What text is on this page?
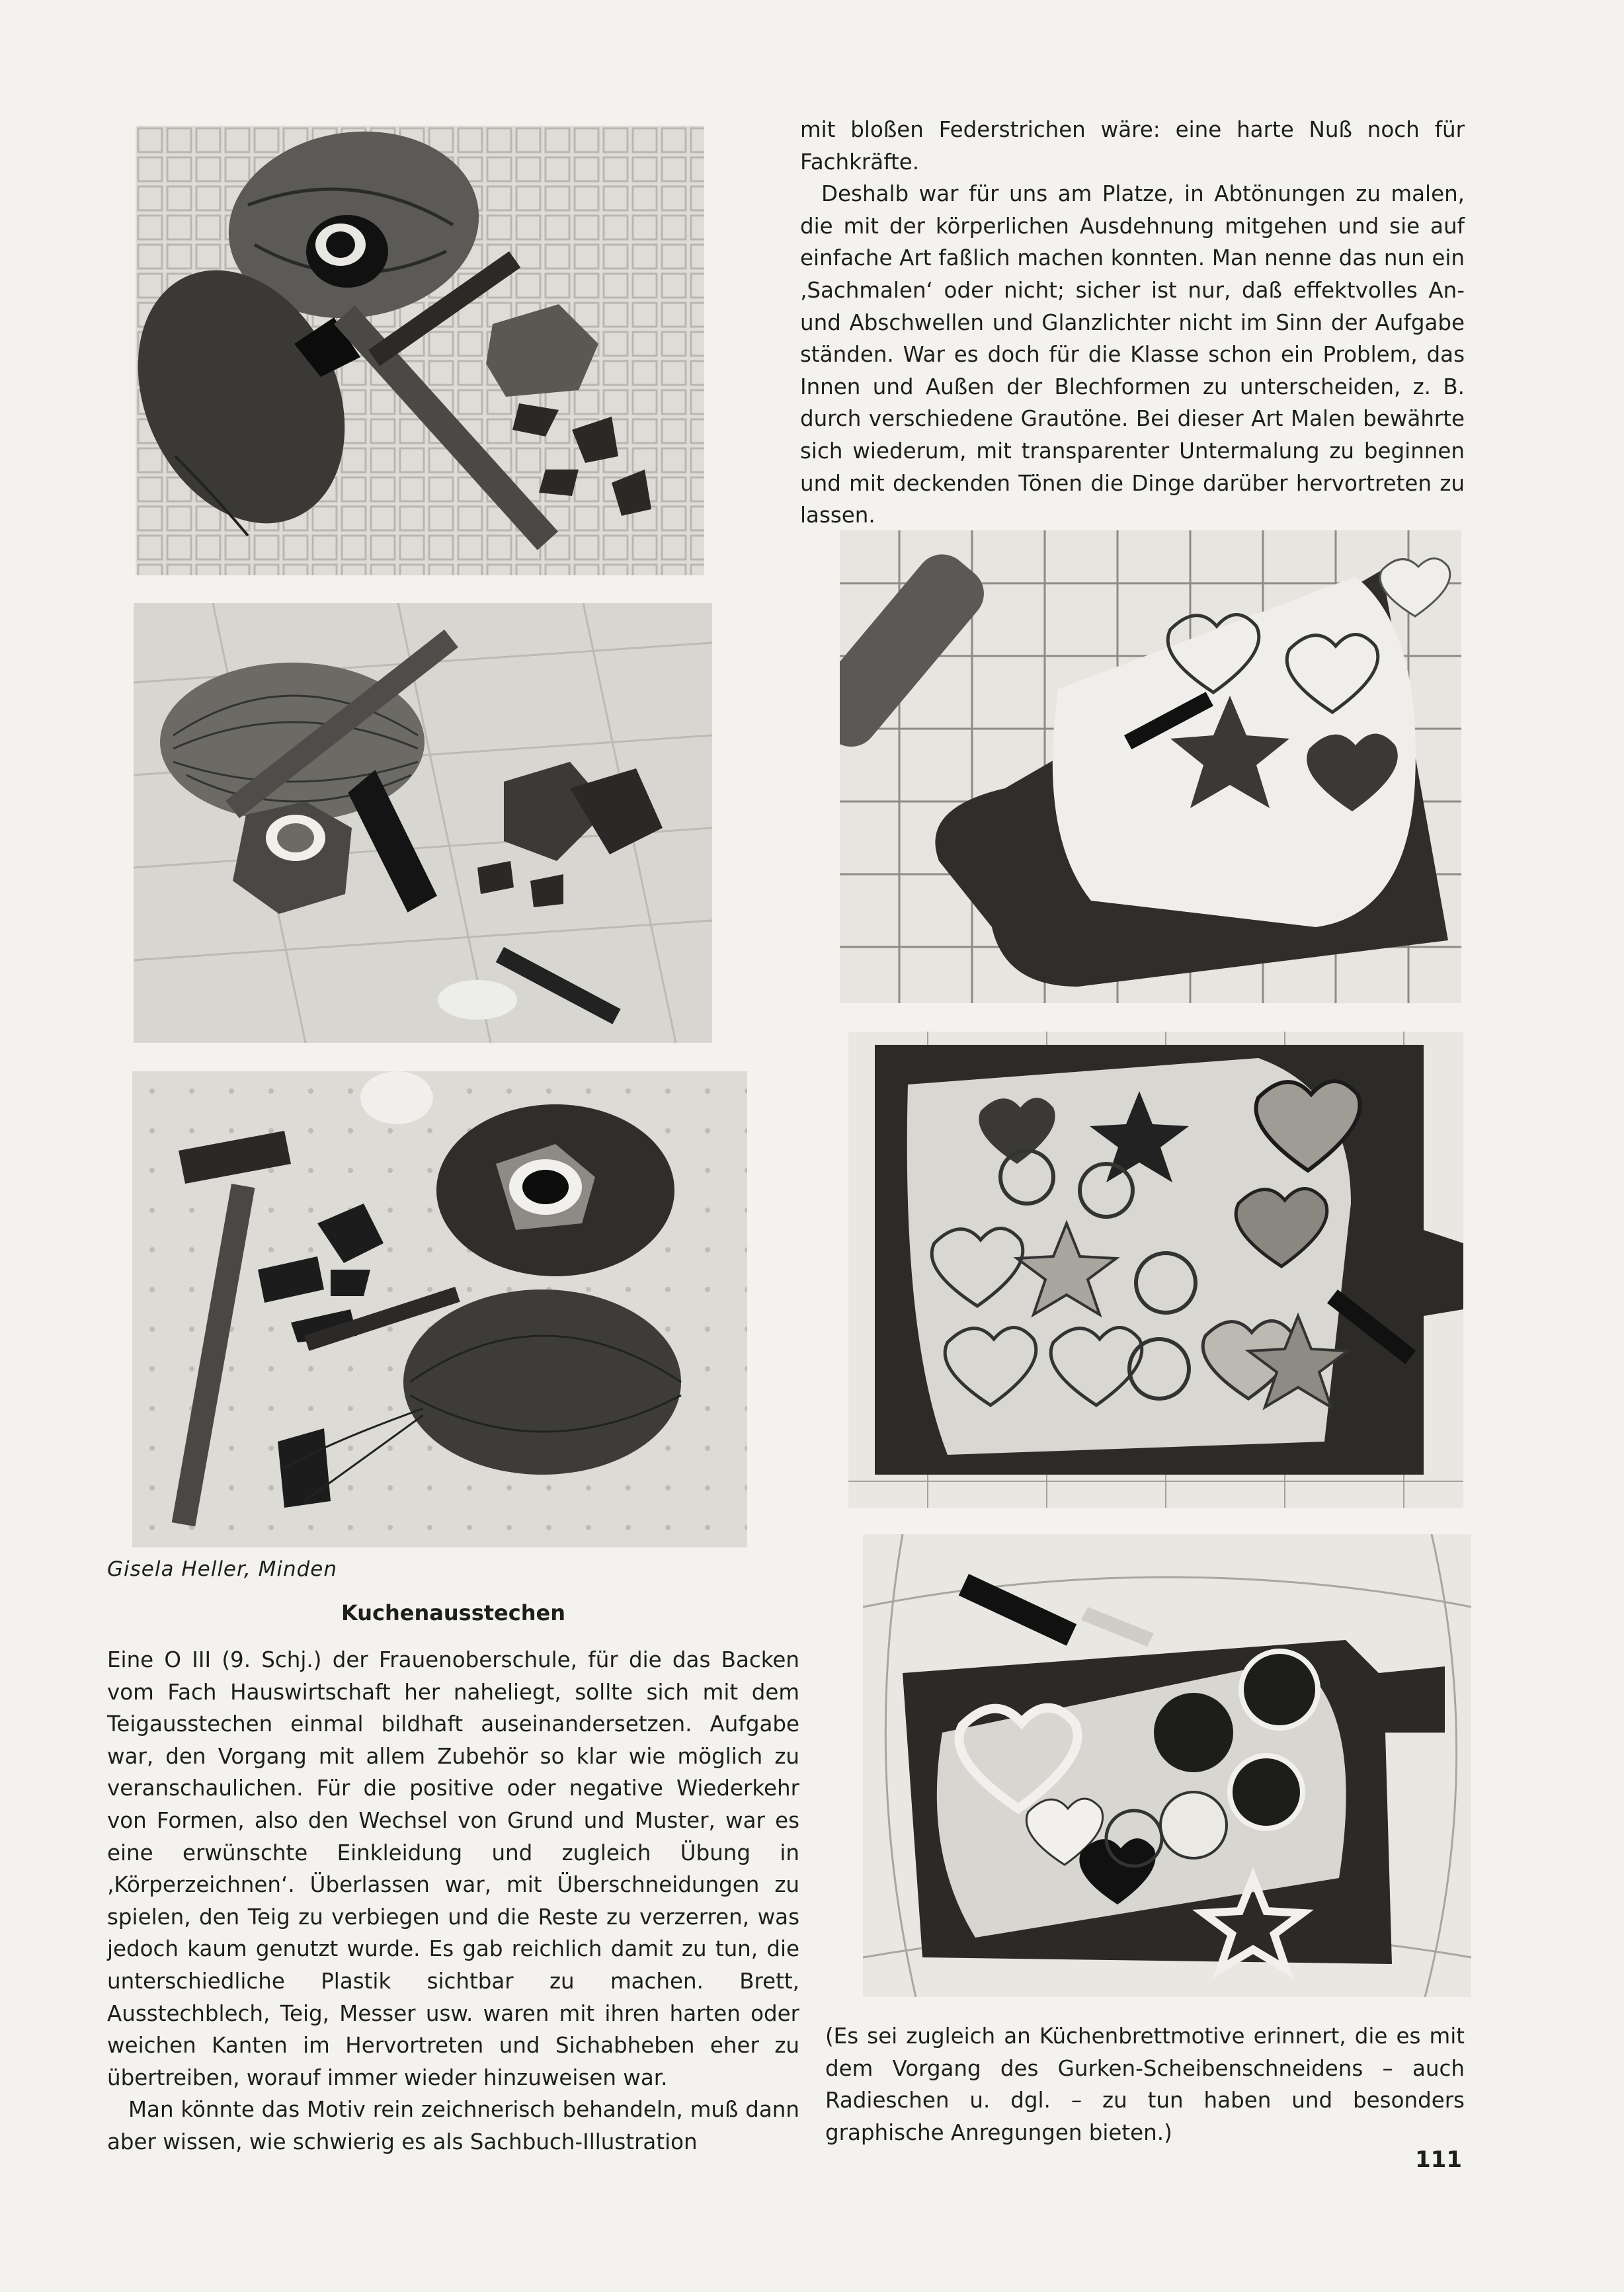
mit bloßen Federstrichen wäre: eine harte Nuß noch für Fachkräfte.

Deshalb war für uns am Platze, in Abtönungen zu malen, die mit der körperlichen Ausdehnung mitgehen und sie auf einfache Art faßlich machen konnten. Man nenne das nun ein ‚Sachmalen‘ oder nicht; sicher ist nur, daß effektvolles An- und Abschwellen und Glanzlichter nicht im Sinn der Aufgabe ständen. War es doch für die Klasse schon ein Problem, das Innen und Außen der Blechformen zu unterscheiden, z. B. durch verschiedene Grautöne. Bei dieser Art Malen bewährte sich wiederum, mit transparenter Untermalung zu beginnen und mit deckenden Tönen die Dinge darüber hervortreten zu lassen.

Gisela Heller, Minden
Kuchenausstechen

Eine O III (9. Schj.) der Frauenoberschule, für die das Backen vom Fach Hauswirtschaft her naheliegt, sollte sich mit dem Teigausstechen einmal bildhaft auseinandersetzen. Aufgabe war, den Vorgang mit allem Zubehör so klar wie möglich zu veranschaulichen. Für die positive oder negative Wiederkehr von Formen, also den Wechsel von Grund und Muster, war es eine erwünschte Einkleidung und zugleich Übung in ‚Körperzeichnen‘. Überlassen war, mit Überschneidungen zu spielen, den Teig zu verbiegen und die Reste zu verzerren, was jedoch kaum genutzt wurde. Es gab reichlich damit zu tun, die unterschiedliche Plastik sichtbar zu machen. Brett, Ausstechblech, Teig, Messer usw. waren mit ihren harten oder weichen Kanten im Hervortreten und Sichabheben eher zu übertreiben, worauf immer wieder hinzuweisen war.

Man könnte das Motiv rein zeichnerisch behandeln, muß dann aber wissen, wie schwierig es als Sachbuch-Illustration

(Es sei zugleich an Küchenbrettmotive erinnert, die es mit dem Vorgang des Gurken-Scheibenschneidens – auch Radieschen u. dgl. – zu tun haben und besonders graphische Anregungen bieten.)

111
